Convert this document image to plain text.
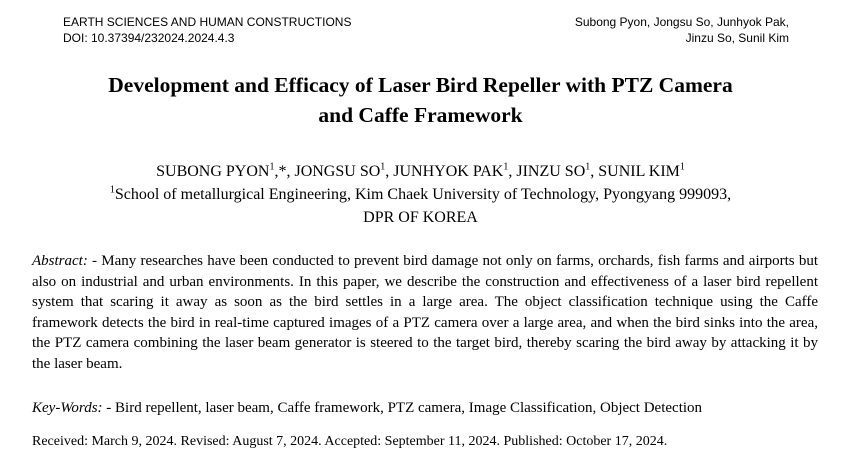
EARTH SCIENCES AND HUMAN CONSTRUCTIONS
DOI: 10.37394/232024.2024.4.3
Subong Pyon, Jongsu So, Junhyok Pak,
Jinzu So, Sunil Kim
Development and Efficacy of Laser Bird Repeller with PTZ Camera
and Caffe Framework
SUBONG PYON$^1$,*, JONGSU $SO^1$, JUNHYOK PAK$^1$, JINZU $SO^1$, SUNIL KIM$^1$
$^1$School of metallurgical Engineering, Kim Chaek University of Technology, Pyongyang 999093,
DPR OF KOREA
Abstract: - Many researches have been conducted to prevent bird damage not only on farms, orchards, fish farms and airports but also on industrial and urban environments. In this paper, we describe the construction and effectiveness of a laser bird repellent system that scaring it away as soon as the bird settles in a large area. The object classification technique using the Caffe framework detects the bird in real-time captured images of a PTZ camera over a large area, and when the bird sinks into the area, the PTZ camera combining the laser beam generator is steered to the target bird, thereby scaring the bird away by attacking it by the laser beam.
Key-Words: - Bird repellent, laser beam, Caffe framework, PTZ camera, Image Classification, Object Detection
Received: March 9, 2024. Revised: August 7, 2024. Accepted: September 11, 2024. Published: October 17, 2024.
